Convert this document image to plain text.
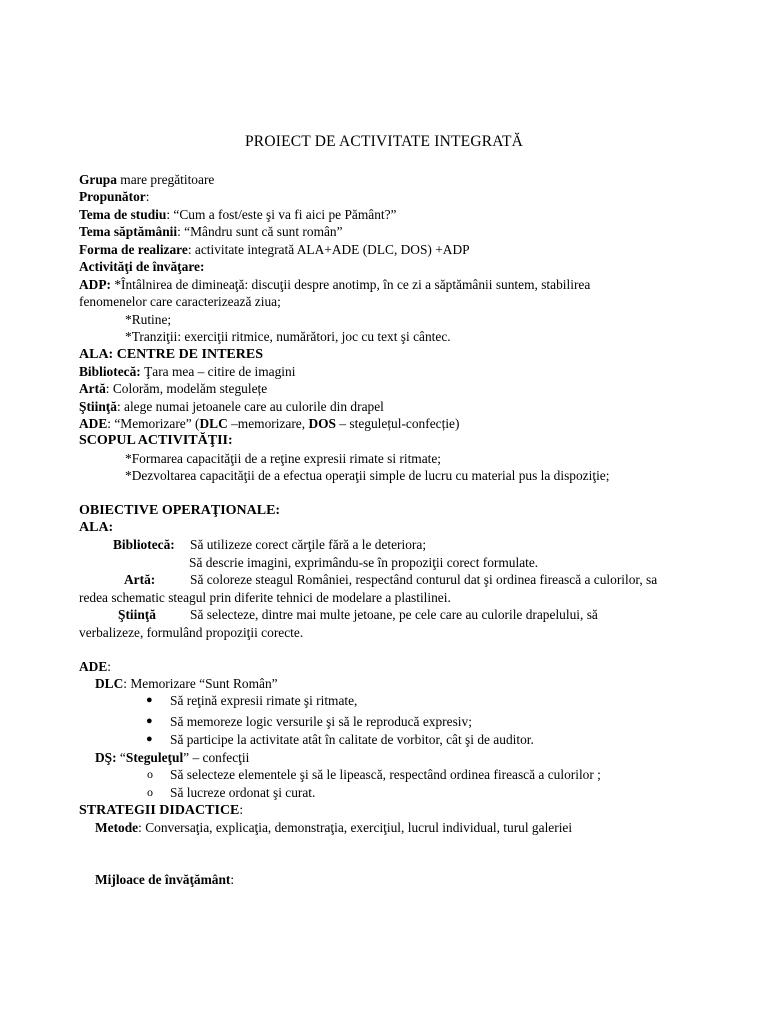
PROIECT DE ACTIVITATE INTEGRATĂ
Grupa mare pregătitoare
Propunător:
Tema de studiu: “Cum a fost/este şi va fi aici pe Pământ?”
Tema săptămânii: “Mândru sunt că sunt român”
Forma de realizare: activitate integrată ALA+ADE (DLC, DOS) +ADP
Activităţi de învăţare:
ADP: *Întâlnirea de dimineaţă: discuţii despre anotimp, în ce zi a săptămânii suntem, stabilirea
fenomenelor care caracterizează ziua;
*Rutine;
*Tranziţii: exerciţii ritmice, numărători, joc cu text şi cântec.
ALA: CENTRE DE INTERES
Bibliotecă: Ţara mea – citire de imagini
Artă: Colorăm, modelăm stegulețe
Ştiinţă: alege numai jetoanele care au culorile din drapel
ADE: “Memorizare” (DLC –memorizare, DOS – stegulețul-confecție)
SCOPUL ACTIVITĂŢII:
*Formarea capacităţii de a reţine expresii rimate si ritmate;
*Dezvoltarea capacităţii de a efectua operaţii simple de lucru cu material pus la dispoziţie;
OBIECTIVE OPERAŢIONALE:
ALA:
Bibliotecă: Să utilizeze corect cărţile fără a le deteriora;
Să descrie imagini, exprimându-se în propoziţii corect formulate.
Artă:	Să coloreze steagul României, respectând conturul dat şi ordinea firească a culorilor, sa
redea schematic steagul prin diferite tehnici de modelare a plastilinei.
Ştiinţă	Să selecteze, dintre mai multe jetoane, pe cele care au culorile drapelului, să
verbalizeze, formulând propoziţii corecte.
ADE:
DLC: Memorizare “Sunt Român”
● Să reţină expresii rimate şi ritmate,
● Să memoreze logic versurile şi să le reproducă expresiv;
● Să participe la activitate atât în calitate de vorbitor, cât şi de auditor.
DŞ: “Steguleţul” – confecţii
o Să selecteze elementele şi să le lipească, respectând ordinea firească a culorilor ;
o Să lucreze ordonat şi curat.
STRATEGII DIDACTICE:
Metode: Conversaţia, explicaţia, demonstraţia, exerciţiul, lucrul individual, turul galeriei
Mijloace de învăţământ:
